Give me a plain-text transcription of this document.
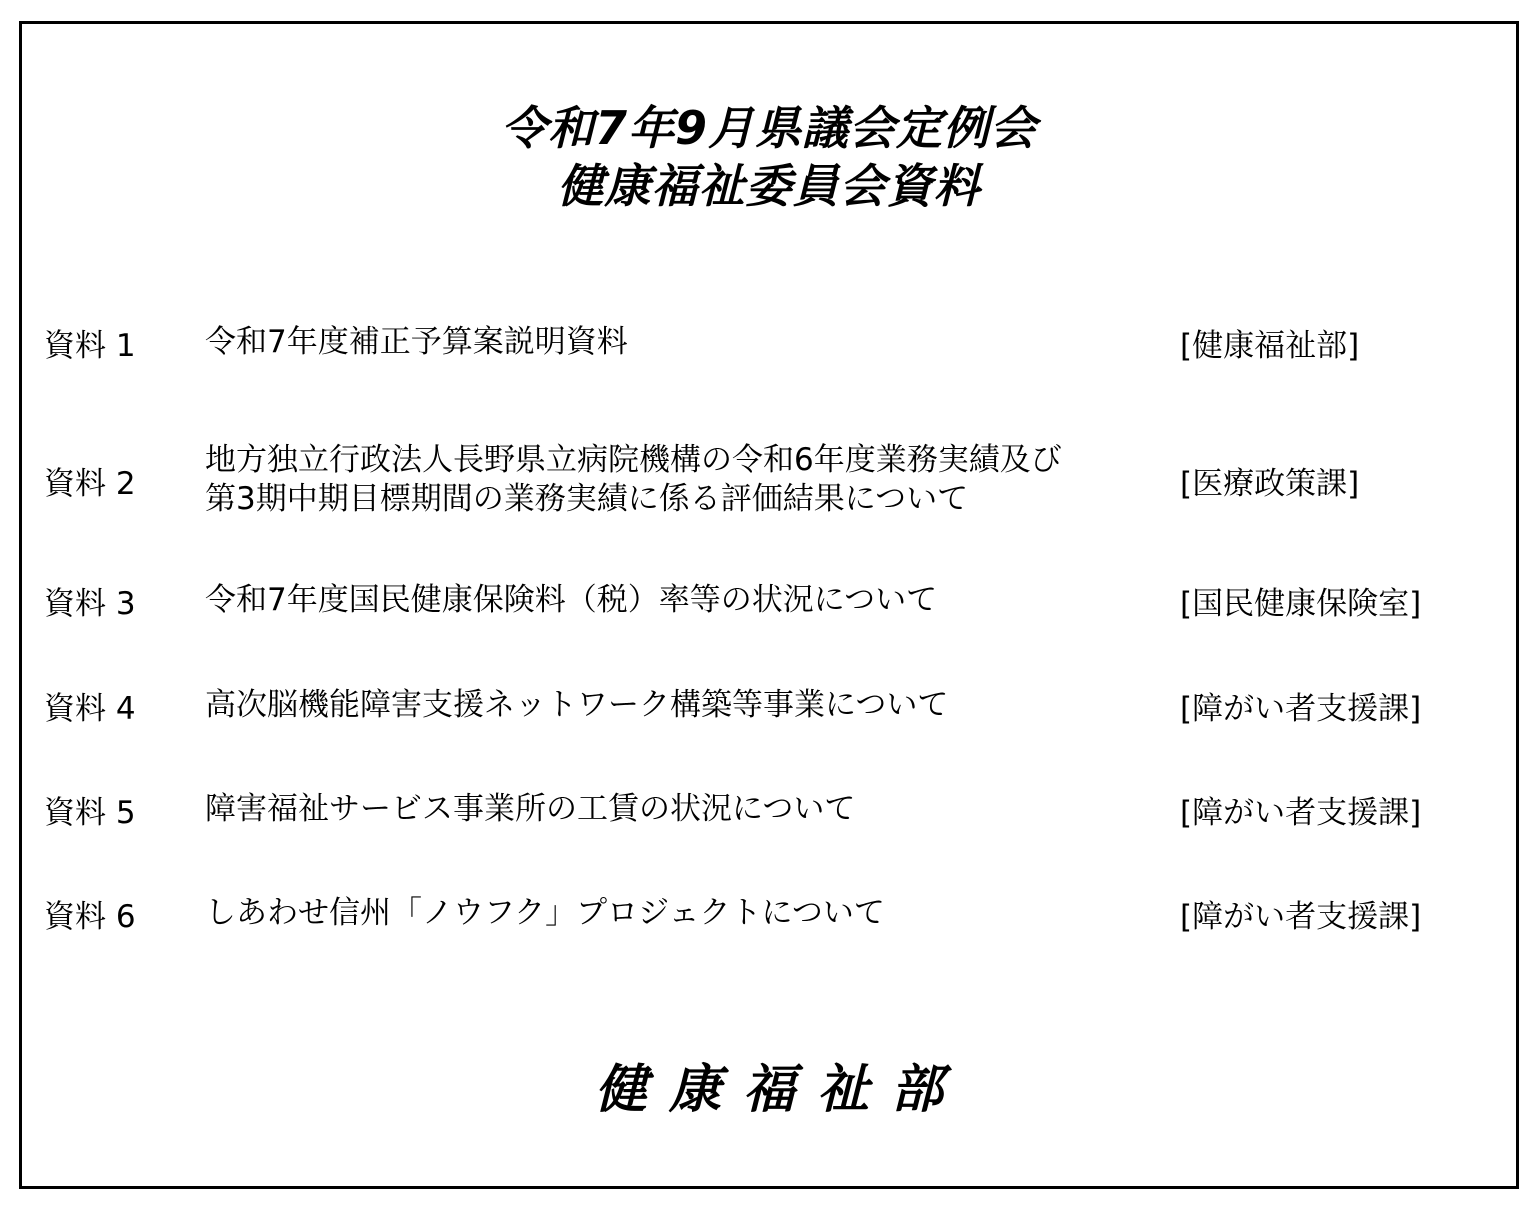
令和7年9月県議会定例会
健康福祉委員会資料
資料 1 令和7年度補正予算案説明資料	[健康福祉部]
資料 2
地方独立行政法人長野県立病院機構の令和6年度業務実績及び
第3期中期目標期間の業務実績に係る評価結果について	[医療政策課]
資料 3 令和7年度国民健康保険料（税）率等の状況について	[国民健康保険室]
資料 4 高次脳機能障害支援ネットワーク構築等事業について	[障がい者支援課]
資料 5 障害福祉サービス事業所の工賃の状況について	[障がい者支援課]
資料 6 しあわせ信州「ノウフク」プロジェクトについて	[障がい者支援課]
健康福祉部
